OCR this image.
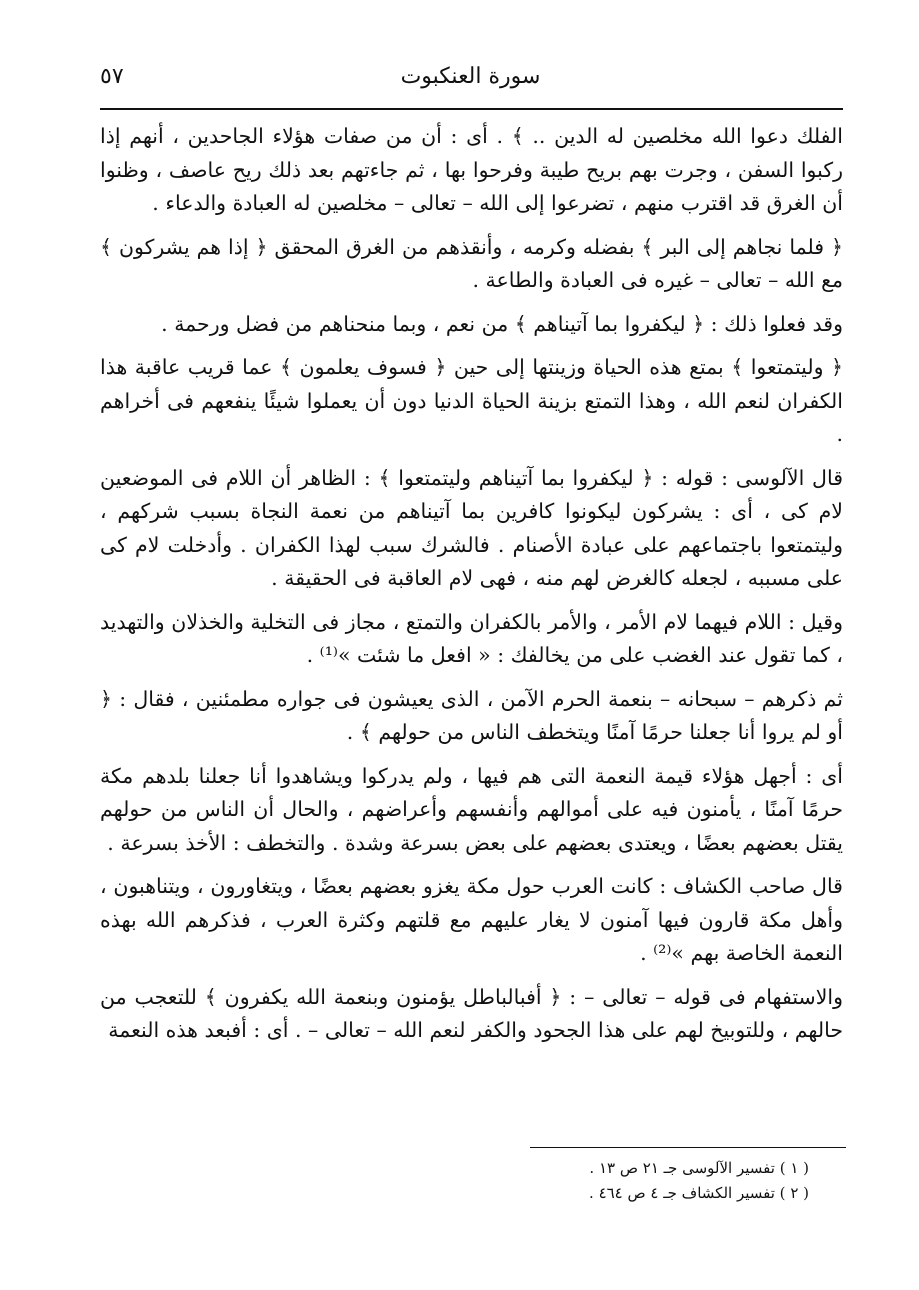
سورة العنكبوت
٥٧

الفلك دعوا الله مخلصين له الدين .. ﴾ . أى : أن من صفات هؤلاء الجاحدين ، أنهم إذا ركبوا السفن ، وجرت بهم بريح طيبة وفرحوا بها ، ثم جاءتهم بعد ذلك ريح عاصف ، وظنوا أن الغرق قد اقترب منهم ، تضرعوا إلى الله – تعالى – مخلصين له العبادة والدعاء .

﴿ فلما نجاهم إلى البر ﴾ بفضله وكرمه ، وأنقذهم من الغرق المحقق ﴿ إذا هم يشركون ﴾ مع الله – تعالى – غيره فى العبادة والطاعة .

وقد فعلوا ذلك : ﴿ ليكفروا بما آتيناهم ﴾ من نعم ، وبما منحناهم من فضل ورحمة .

﴿ وليتمتعوا ﴾ بمتع هذه الحياة وزينتها إلى حين ﴿ فسوف يعلمون ﴾ عما قريب عاقبة هذا الكفران لنعم الله ، وهذا التمتع بزينة الحياة الدنيا دون أن يعملوا شيئًا ينفعهم فى أخراهم .

قال الآلوسى : قوله : ﴿ ليكفروا بما آتيناهم وليتمتعوا ﴾ : الظاهر أن اللام فى الموضعين لام كى ، أى : يشركون ليكونوا كافرين بما آتيناهم من نعمة النجاة بسبب شركهم ، وليتمتعوا باجتماعهم على عبادة الأصنام . فالشرك سبب لهذا الكفران . وأدخلت لام كى على مسببه ، لجعله كالغرض لهم منه ، فهى لام العاقبة فى الحقيقة .

وقيل : اللام فيهما لام الأمر ، والأمر بالكفران والتمتع ، مجاز فى التخلية والخذلان والتهديد ، كما تقول عند الغضب على من يخالفك : « افعل ما شئت »⁽¹⁾ .

ثم ذكرهم – سبحانه – بنعمة الحرم الآمن ، الذى يعيشون فى جواره مطمئنين ، فقال : ﴿ أو لم يروا أنا جعلنا حرمًا آمنًا ويتخطف الناس من حولهم ﴾ .

أى : أجهل هؤلاء قيمة النعمة التى هم فيها ، ولم يدركوا ويشاهدوا أنا جعلنا بلدهم مكة حرمًا آمنًا ، يأمنون فيه على أموالهم وأنفسهم وأعراضهم ، والحال أن الناس من حولهم يقتل بعضهم بعضًا ، ويعتدى بعضهم على بعض بسرعة وشدة . والتخطف : الأخذ بسرعة .

قال صاحب الكشاف : كانت العرب حول مكة يغزو بعضهم بعضًا ، ويتغاورون ، ويتناهبون ، وأهل مكة قارون فيها آمنون لا يغار عليهم مع قلتهم وكثرة العرب ، فذكرهم الله بهذه النعمة الخاصة بهم »⁽²⁾ .

والاستفهام فى قوله – تعالى – : ﴿ أفبالباطل يؤمنون وبنعمة الله يكفرون ﴾ للتعجب من حالهم ، وللتوبيخ لهم على هذا الجحود والكفر لنعم الله – تعالى – . أى : أفبعد هذه النعمة

( ١ ) تفسير الآلوسى جـ ٢١ ص ١٣ .

( ٢ ) تفسير الكشاف جـ ٤ ص ٤٦٤ .
